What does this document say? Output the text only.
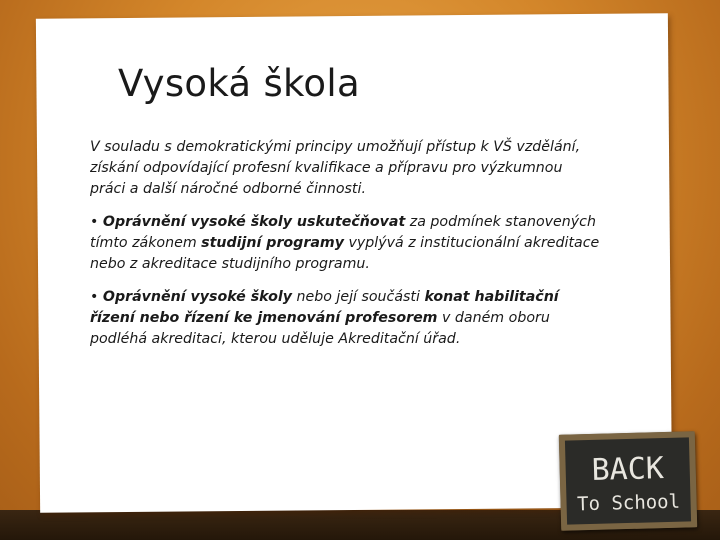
Vysoká škola

V souladu s demokratickými principy umožňují přístup k VŠ vzdělání, získání odpovídající profesní kvalifikace a přípravu pro výzkumnou práci a další náročné odborné činnosti.

• Oprávnění vysoké školy uskutečňovat za podmínek stanovených tímto zákonem studijní programy vyplývá z institucionální akreditace nebo z akreditace studijního programu.

• Oprávnění vysoké školy nebo její součásti konat habilitační řízení nebo řízení ke jmenování profesorem v daném oboru podléhá akreditaci, kterou uděluje Akreditační úřad.

BACK
To School
